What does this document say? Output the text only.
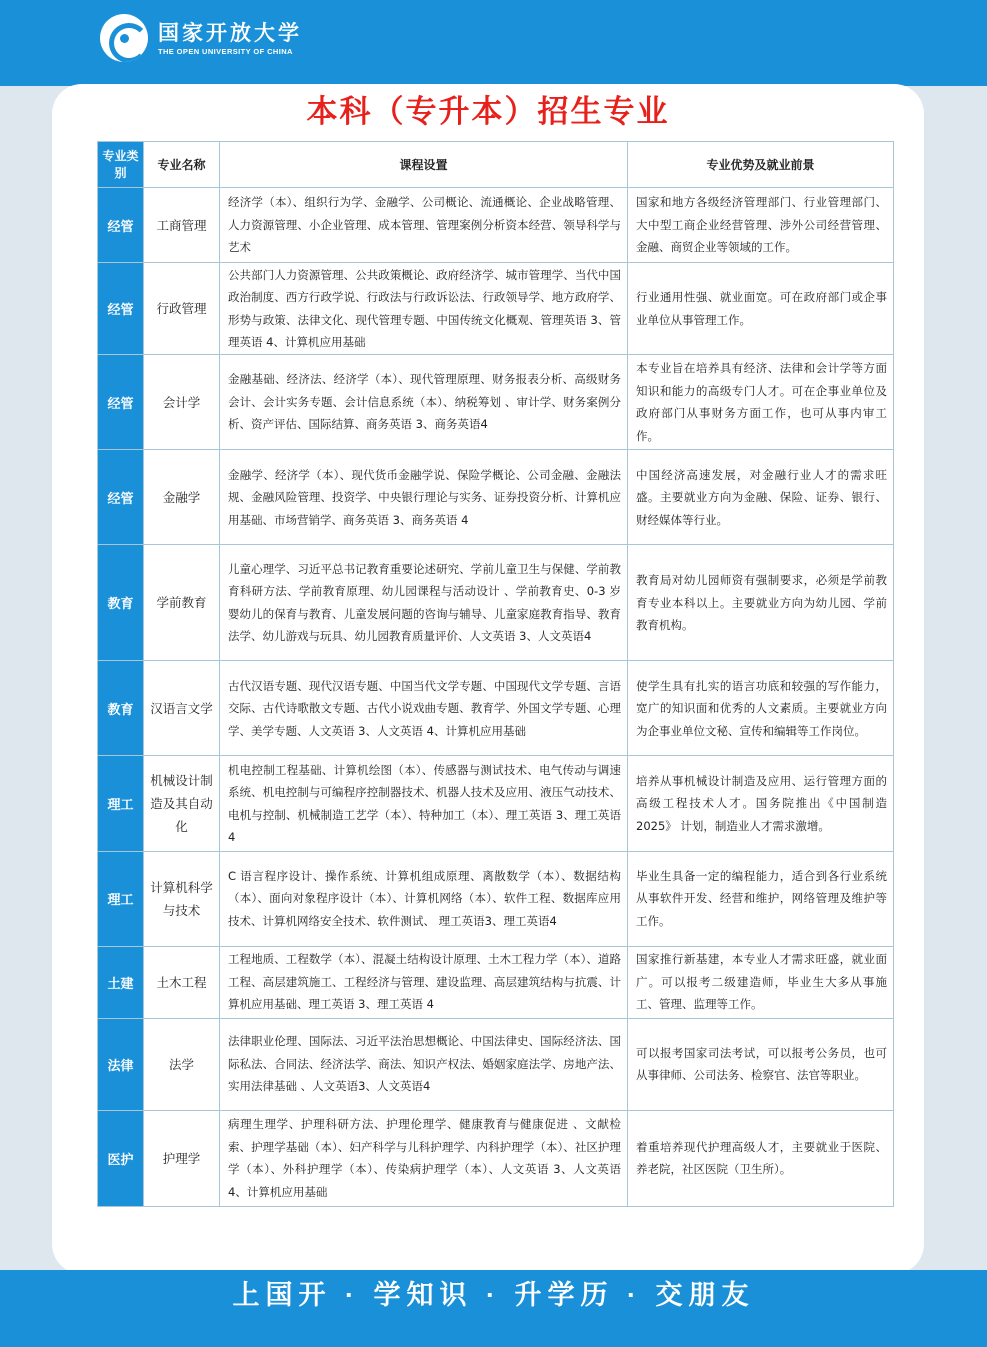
国家开放大学
THE OPEN UNIVERSITY OF CHINA
本科（专升本）招生专业
专业类别	专业名称	课程设置	专业优势及就业前景
经管	工商管理	经济学（本）、组织行为学、金融学、公司概论、流通概论、企业战略管理、人力资源管理、小企业管理、成本管理、管理案例分析资本经营、领导科学与艺术	国家和地方各级经济管理部门、行业管理部门、大中型工商企业经营管理、涉外公司经营管理、金融、商贸企业等领域的工作。
经管	行政管理	公共部门人力资源管理、公共政策概论、政府经济学、城市管理学、当代中国政治制度、西方行政学说、行政法与行政诉讼法、行政领导学、地方政府学、形势与政策、法律文化、现代管理专题、中国传统文化概观、管理英语 3、管理英语 4、计算机应用基础	行业通用性强、就业面宽。可在政府部门或企事业单位从事管理工作。
经管	会计学	金融基础、经济法、经济学（本）、现代管理原理、财务报表分析、高级财务会计、会计实务专题、会计信息系统（本）、纳税筹划 、审计学、财务案例分析、资产评估、国际结算、商务英语 3、商务英语4	本专业旨在培养具有经济、法律和会计学等方面知识和能力的高级专门人才。可在企事业单位及政府部门从事财务方面工作，也可从事内审工作。
经管	金融学	金融学、经济学（本）、现代货币金融学说、保险学概论、公司金融、金融法规、金融风险管理、投资学、中央银行理论与实务、证券投资分析、计算机应用基础、市场营销学、商务英语 3、商务英语 4	中国经济高速发展，对金融行业人才的需求旺盛。主要就业方向为金融、保险、证券、银行、财经媒体等行业。
教育	学前教育	儿童心理学、习近平总书记教育重要论述研究、学前儿童卫生与保健、学前教育科研方法、学前教育原理、幼儿园课程与活动设计 、学前教育史、0-3 岁婴幼儿的保育与教育、儿童发展问题的咨询与辅导、儿童家庭教育指导、教育法学、幼儿游戏与玩具、幼儿园教育质量评价、人文英语 3、人文英语4	教育局对幼儿园师资有强制要求，必须是学前教育专业本科以上。主要就业方向为幼儿园、学前教育机构。
教育	汉语言文学	古代汉语专题、现代汉语专题、中国当代文学专题、中国现代文学专题、言语交际、古代诗歌散文专题、古代小说戏曲专题、教育学、外国文学专题、心理学、美学专题、人文英语 3、人文英语 4、计算机应用基础	使学生具有扎实的语言功底和较强的写作能力，宽广的知识面和优秀的人文素质。主要就业方向为企事业单位文秘、宣传和编辑等工作岗位。
理工	机械设计制造及其自动化	机电控制工程基础、计算机绘图（本）、传感器与测试技术、电气传动与调速系统、机电控制与可编程序控制器技术、机器人技术及应用、液压气动技术、电机与控制、机械制造工艺学（本）、特种加工（本）、理工英语 3、理工英语 4	培养从事机械设计制造及应用、运行管理方面的高级工程技术人才。国务院推出《中国制造 2025》 计划，制造业人才需求激增。
理工	计算机科学与技术	C 语言程序设计、操作系统、计算机组成原理、离散数学（本）、数据结构（本）、面向对象程序设计（本）、计算机网络（本）、软件工程、数据库应用技术、计算机网络安全技术、软件测试、 理工英语3、理工英语4	毕业生具备一定的编程能力，适合到各行业系统从事软件开发、经营和维护，网络管理及维护等工作。
土建	土木工程	工程地质、工程数学（本）、混凝土结构设计原理、土木工程力学（本）、道路工程、高层建筑施工、工程经济与管理、建设监理、高层建筑结构与抗震、计算机应用基础、理工英语 3、理工英语 4	国家推行新基建，本专业人才需求旺盛，就业面广。可以报考二级建造师，毕业生大多从事施工、管理、监理等工作。
法律	法学	法律职业伦理、国际法、习近平法治思想概论、中国法律史、国际经济法、国际私法、合同法、经济法学、商法、知识产权法、婚姻家庭法学、房地产法、实用法律基础 、人文英语3、人文英语4	可以报考国家司法考试，可以报考公务员，也可从事律师、公司法务、检察官、法官等职业。
医护	护理学	病理生理学、护理科研方法、护理伦理学、健康教育与健康促进 、文献检索、护理学基础（本）、妇产科学与儿科护理学、内科护理学（本）、社区护理学（本）、外科护理学（本）、传染病护理学（本）、人文英语 3、人文英语 4、计算机应用基础	着重培养现代护理高级人才，主要就业于医院、养老院，社区医院（卫生所）。
上国开 · 学知识 · 升学历 · 交朋友
